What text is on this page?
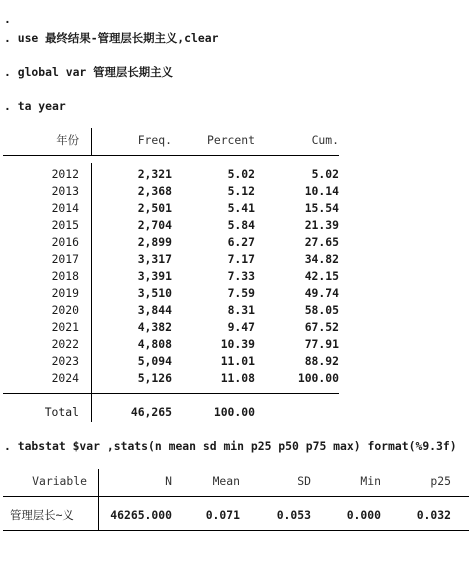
.
. use 最终结果-管理层长期主义,clear
. global var 管理层长期主义
. ta year
年份	Freq.	Percent	Cum.
2012	2,321	5.02	5.02
2013	2,368	5.12	10.14
2014	2,501	5.41	15.54
2015	2,704	5.84	21.39
2016	2,899	6.27	27.65
2017	3,317	7.17	34.82
2018	3,391	7.33	42.15
2019	3,510	7.59	49.74
2020	3,844	8.31	58.05
2021	4,382	9.47	67.52
2022	4,808	10.39	77.91
2023	5,094	11.01	88.92
2024	5,126	11.08	100.00
Total	46,265	100.00
. tabstat $var ,stats(n mean sd min p25 p50 p75 max) format(%9.3f)
Variable	N	Mean	SD	Min	p25
管理层长~义	46265.000	0.071	0.053	0.000	0.032
